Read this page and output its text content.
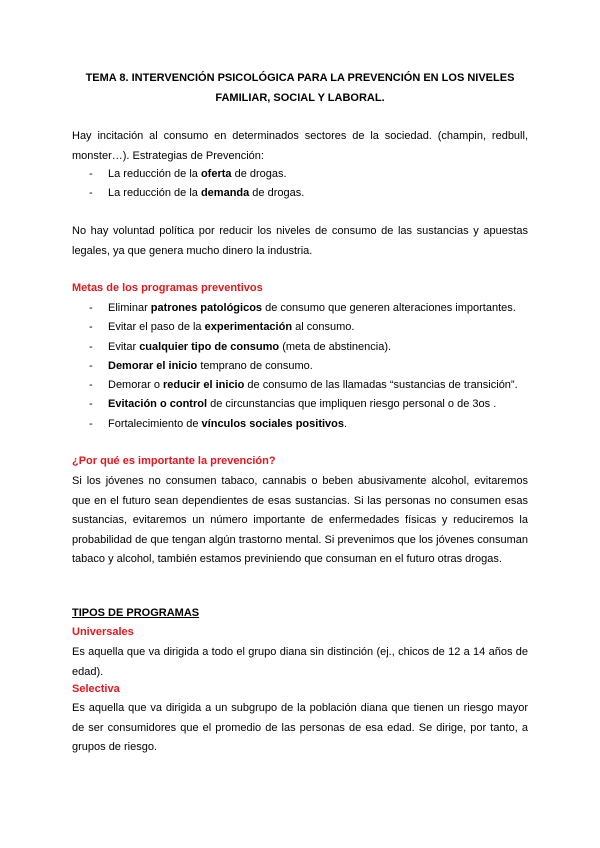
TEMA 8. INTERVENCIÓN PSICOLÓGICA PARA LA PREVENCIÓN EN LOS NIVELES
FAMILIAR, SOCIAL Y LABORAL.
Hay incitación al consumo en determinados sectores de la sociedad. (champin, redbull, monster…). Estrategias de Prevención:
- La reducción de la oferta de drogas.
- La reducción de la demanda de drogas.
No hay voluntad política por reducir los niveles de consumo de las sustancias y apuestas legales, ya que genera mucho dinero la industria.
Metas de los programas preventivos
- Eliminar patrones patológicos de consumo que generen alteraciones importantes.
- Evitar el paso de la experimentación al consumo.
- Evitar cualquier tipo de consumo (meta de abstinencia).
- Demorar el inicio temprano de consumo.
- Demorar o reducir el inicio de consumo de las llamadas “sustancias de transición”.
- Evitación o control de circunstancias que impliquen riesgo personal o de 3os .
- Fortalecimiento de vínculos sociales positivos.
¿Por qué es importante la prevención?
Si los jóvenes no consumen tabaco, cannabis o beben abusivamente alcohol, evitaremos que en el futuro sean dependientes de esas sustancias. Si las personas no consumen esas sustancias, evitaremos un número importante de enfermedades físicas y reduciremos la probabilidad de que tengan algún trastorno mental. Si prevenimos que los jóvenes consuman tabaco y alcohol, también estamos previniendo que consuman en el futuro otras drogas.
TIPOS DE PROGRAMAS
Universales
Es aquella que va dirigida a todo el grupo diana sin distinción (ej., chicos de 12 a 14 años de edad).
Selectiva
Es aquella que va dirigida a un subgrupo de la población diana que tienen un riesgo mayor de ser consumidores que el promedio de las personas de esa edad. Se dirige, por tanto, a grupos de riesgo.
